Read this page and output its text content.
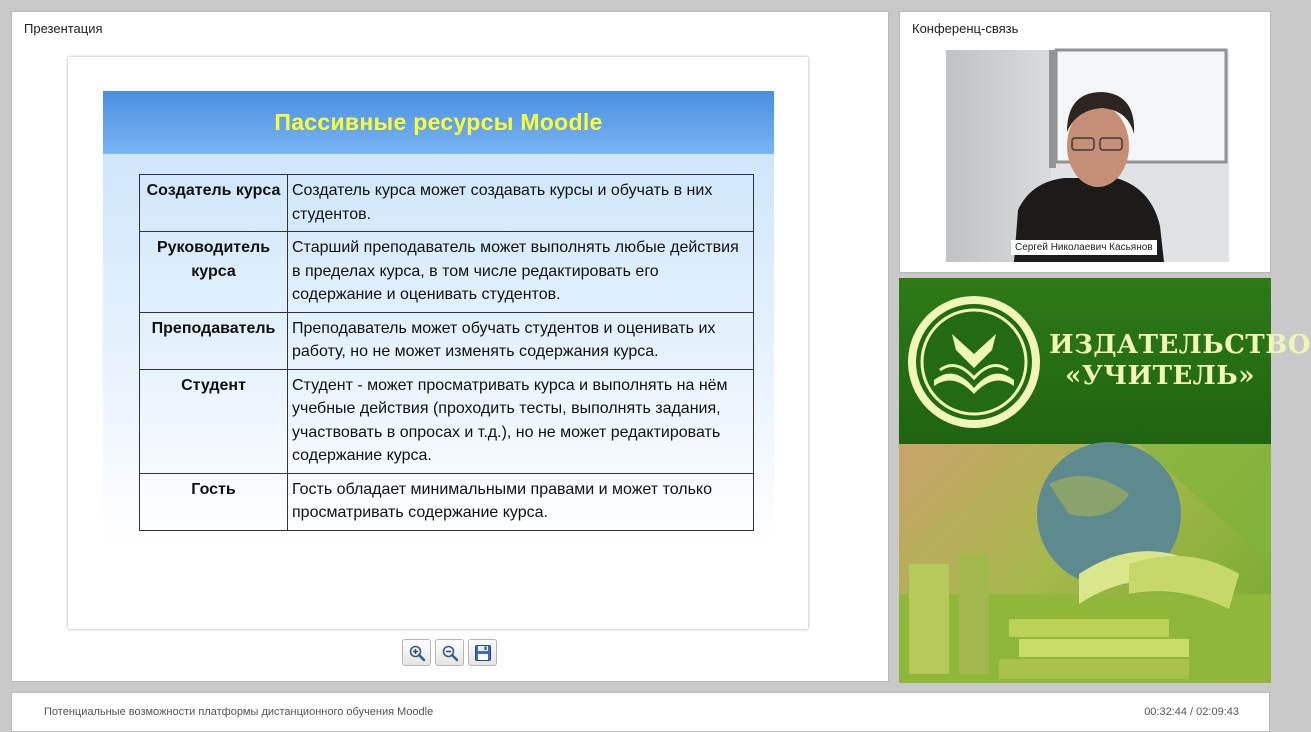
Презентация
Пассивные ресурсы Moodle
Создатель курса	Создатель курса может создавать курсы и обучать в них студентов.
Руководитель курса	Старший преподаватель может выполнять любые действия в пределах курса, в том числе редактировать его содержание и оценивать студентов.
Преподаватель	Преподаватель может обучать студентов и оценивать их работу, но не может изменять содержания курса.
Студент	Студент - может просматривать курса и выполнять на нём учебные действия (проходить тесты, выполнять задания, участвовать в опросах и т.д.), но не может редактировать содержание курса.
Гость	Гость обладает минимальными правами и может только просматривать содержание курса.
Конференц-связь
Сергей Николаевич Касьянов
ИЗДАТЕЛЬСТВО
«УЧИТЕЛЬ»
Потенциальные возможности платформы дистанционного обучения Moodle	00:32:44 / 02:09:43
